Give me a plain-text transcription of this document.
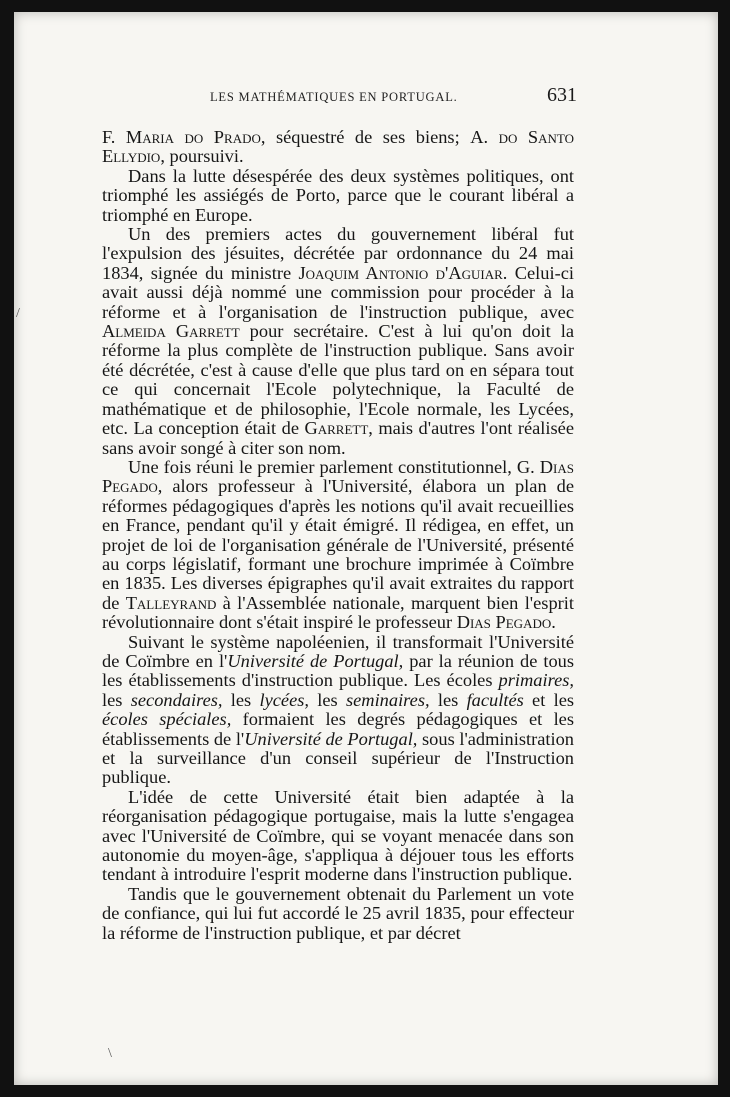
LES MATHÉMATIQUES EN PORTUGAL.	631
/
\

F. Maria do Prado, séquestré de ses biens; A. do Santo Ellydio, poursuivi.

Dans la lutte désespérée des deux systèmes politiques, ont triomphé les assiégés de Porto, parce que le courant libéral a triomphé en Europe.

Un des premiers actes du gouvernement libéral fut l'expulsion des jésuites, décrétée par ordonnance du 24 mai 1834, signée du ministre Joaquim Antonio d'Aguiar. Celui-ci avait aussi déjà nommé une commission pour procéder à la réforme et à l'organisation de l'instruction publique, avec Almeida Garrett pour secrétaire. C'est à lui qu'on doit la réforme la plus complète de l'instruction publique. Sans avoir été décrétée, c'est à cause d'elle que plus tard on en sépara tout ce qui concernait l'Ecole polytechnique, la Faculté de mathématique et de philosophie, l'Ecole normale, les Lycées, etc. La conception était de Garrett, mais d'autres l'ont réalisée sans avoir songé à citer son nom.

Une fois réuni le premier parlement constitutionnel, G. Dias Pegado, alors professeur à l'Université, élabora un plan de réformes pédagogiques d'après les notions qu'il avait recueillies en France, pendant qu'il y était émigré. Il rédigea, en effet, un projet de loi de l'organisation générale de l'Université, présenté au corps législatif, formant une brochure imprimée à Coïmbre en 1835. Les diverses épigraphes qu'il avait extraites du rapport de Talleyrand à l'Assemblée nationale, marquent bien l'esprit révolutionnaire dont s'était inspiré le professeur Dias Pegado.

Suivant le système napoléenien, il transformait l'Université de Coïmbre en l'Université de Portugal, par la réunion de tous les établissements d'instruction publique. Les écoles primaires, les secondaires, les lycées, les seminaires, les facultés et les écoles spéciales, formaient les degrés pédagogiques et les établissements de l'Université de Portugal, sous l'administration et la surveillance d'un conseil supérieur de l'Instruction publique.

L'idée de cette Université était bien adaptée à la réorganisation pédagogique portugaise, mais la lutte s'engagea avec l'Université de Coïmbre, qui se voyant menacée dans son autonomie du moyen-âge, s'appliqua à déjouer tous les efforts tendant à introduire l'esprit moderne dans l'instruction publique.

Tandis que le gouvernement obtenait du Parlement un vote de confiance, qui lui fut accordé le 25 avril 1835, pour effecteur la réforme de l'instruction publique, et par décret
